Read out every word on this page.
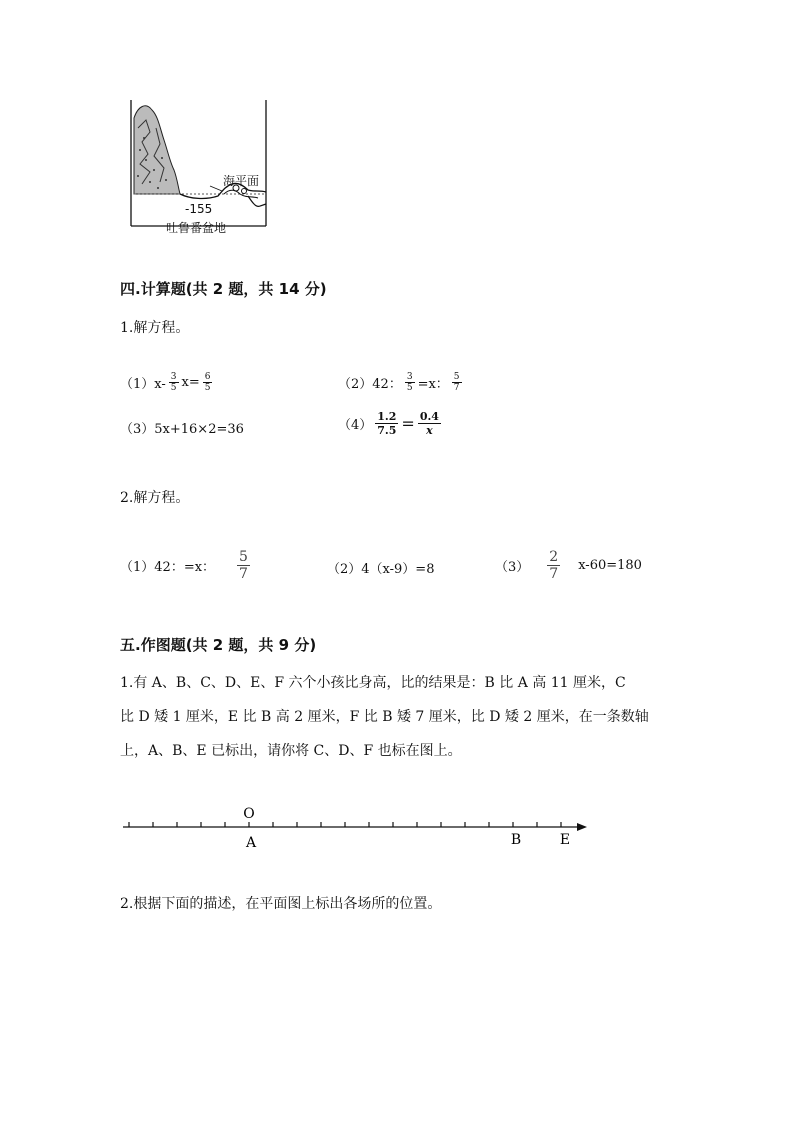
海平面
-155
吐鲁番盆地
四.计算题(共 2 题，共 14 分)
1.解方程。
$(1)x- \frac{3}{5} x= \frac{6}{5}$	（2）42： $\frac{3}{5} =x$： $\frac{5}{7}$
（3）5x+16×2=36	$(4) \frac{1.2}{7.5} = \frac{0.4}{x}$
2.解方程。
（1）42：=x： $\frac{5}{7}$	（2）4（x-9）=8	$(3) \frac{2}{7} x-60=180$
五.作图题(共 2 题，共 9 分)
1.有 A、B、C、D、E、F 六个小孩比身高，比的结果是：B 比 A 高 11 厘米，C
比 D 矮 1 厘米，E 比 B 高 2 厘米，F 比 B 矮 7 厘米，比 D 矮 2 厘米，在一条数轴
上，A、B、E 已标出，请你将 C、D、F 也标在图上。
O
A	B	E
2.根据下面的描述，在平面图上标出各场所的位置。
